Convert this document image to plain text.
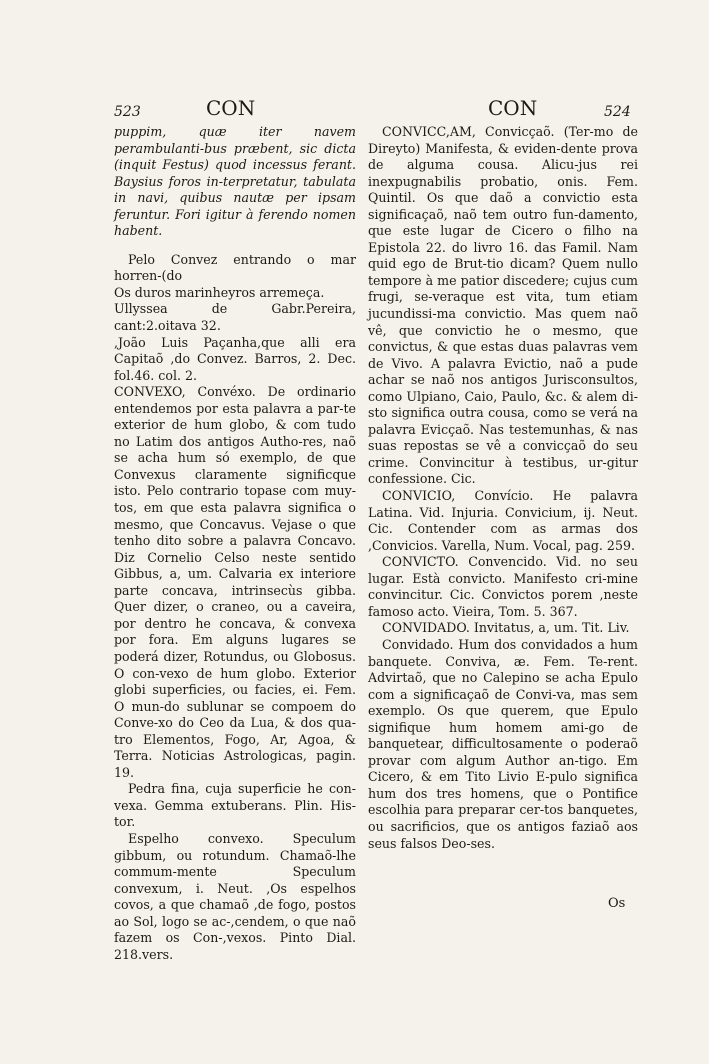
523	CON	CON	524

puppim, quæ iter navem perambulanti-bus præbent, sic dicta (inquit Festus) quod incessus ferant. Baysius foros in-terpretatur, tabulata in navi, quibus nautæ per ipsam feruntur. Fori igitur à ferendo nomen habent.

Pelo Convez entrando o mar horren-(do

Os duros marinheyros arremeça.

Ullyssea de Gabr.Pereira, cant:2.oitava 32.

,João Luis Paçanha,que alli era Capitaõ ,do Convez. Barros, 2. Dec. fol.46. col. 2.

CONVEXO, Convéxo. De ordinario entendemos por esta palavra a par-te exterior de hum globo, & com tudo no Latim dos antigos Autho-res, naõ se acha hum só exemplo, de que Convexus claramente significque isto. Pelo contrario topase com muy-tos, em que esta palavra significa o mesmo, que Concavus. Vejase o que tenho dito sobre a palavra Concavo. Diz Cornelio Celso neste sentido Gibbus, a, um. Calvaria ex interiore parte concava, intrinsecùs gibba. Quer dizer, o craneo, ou a caveira, por dentro he concava, & convexa por fora. Em alguns lugares se poderá dizer, Rotundus, ou Globosus. O con-vexo de hum globo. Exterior globi superficies, ou facies, ei. Fem. O mun-do sublunar se compoem do Conve-xo do Ceo da Lua, & dos qua-tro Elementos, Fogo, Ar, Agoa, & Terra. Noticias Astrologicas, pagin. 19.

Pedra fina, cuja superficie he con-vexa. Gemma extuberans. Plin. His-tor.

Espelho convexo. Speculum gibbum, ou rotundum. Chamaõ-lhe commum-mente Speculum convexum, i. Neut. ,Os espelhos covos, a que chamaõ ,de fogo, postos ao Sol, logo se ac-,cendem, o que naõ fazem os Con-,vexos. Pinto Dial. 218.vers.

CONVICC,AM, Convicçaõ. (Ter-mo de Direyto) Manifesta, & eviden-dente prova de alguma cousa. Alicu-jus rei inexpugnabilis probatio, onis. Fem. Quintil. Os que daõ a convictio esta significaçaõ, naõ tem outro fun-damento, que este lugar de Cicero o filho na Epistola 22. do livro 16. das Famil. Nam quid ego de Brut-tio dicam? Quem nullo tempore à me patior discedere; cujus cum frugi, se-veraque est vita, tum etiam jucundissi-ma convictio. Mas quem naõ vê, que convictio he o mesmo, que convictus, & que estas duas palavras vem de Vivo. A palavra Evictio, naõ a pude achar se naõ nos antigos Jurisconsultos, como Ulpiano, Caio, Paulo, &c. & alem di-sto significa outra cousa, como se verá na palavra Evicçaõ. Nas testemunhas, & nas suas repostas se vê a convicçaõ do seu crime. Convincitur à testibus, ur-gitur confessione. Cic.

CONVICIO, Convício. He palavra Latina. Vid. Injuria. Convicium, ij. Neut. Cic. Contender com as armas dos ,Convicios. Varella, Num. Vocal, pag. 259.

CONVICTO. Convencido. Vid. no seu lugar. Està convicto. Manifesto cri-mine convincitur. Cic. Convictos porem ,neste famoso acto. Vieira, Tom. 5. 367.

CONVIDADO. Invitatus, a, um. Tit. Liv.

Convidado. Hum dos convidados a hum banquete. Conviva, æ. Fem. Te-rent. Advirtaõ, que no Calepino se acha Epulo com a significaçaõ de Convi-va, mas sem exemplo. Os que querem, que Epulo signifique hum homem ami-go de banquetear, difficultosamente o poderaõ provar com algum Author an-tigo. Em Cicero, & em Tito Livio E-pulo significa hum dos tres homens, que o Pontifice escolhia para preparar cer-tos banquetes, ou sacrificios, que os antigos faziaõ aos seus falsos Deo-ses.

Os
